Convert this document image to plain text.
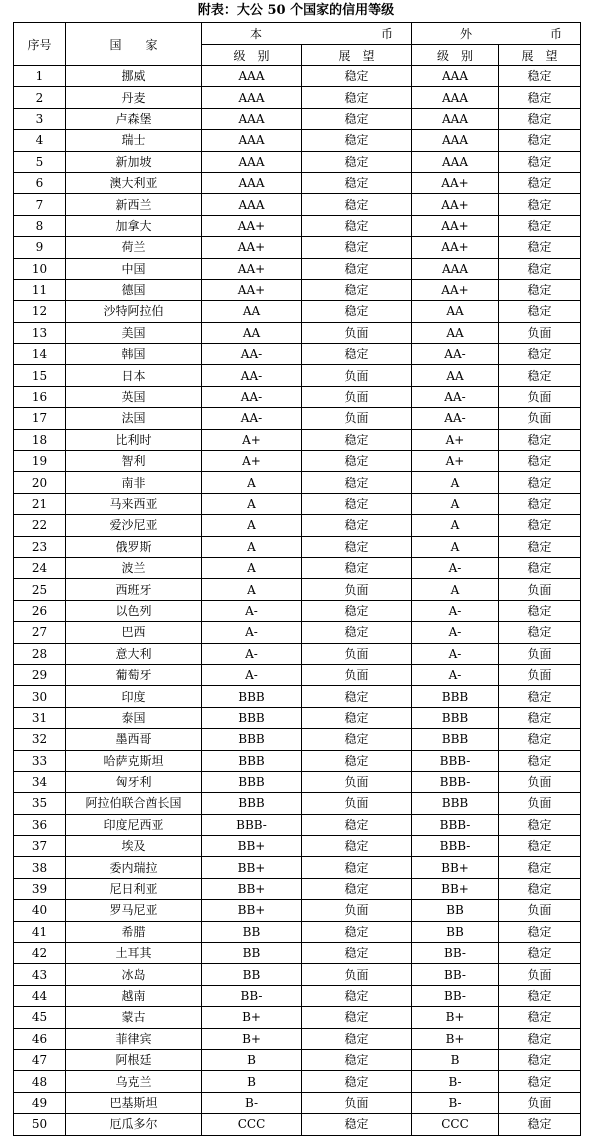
附表：大公 50 个国家的信用等级
序号	国　　家	本 币		外 币	

		级　别	展　望	级　别	展　望
1	挪威	AAA	稳定	AAA	稳定
2	丹麦	AAA	稳定	AAA	稳定
3	卢森堡	AAA	稳定	AAA	稳定
4	瑞士	AAA	稳定	AAA	稳定
5	新加坡	AAA	稳定	AAA	稳定
6	澳大利亚	AAA	稳定	AA+	稳定
7	新西兰	AAA	稳定	AA+	稳定
8	加拿大	AA+	稳定	AA+	稳定
9	荷兰	AA+	稳定	AA+	稳定
10	中国	AA+	稳定	AAA	稳定
11	德国	AA+	稳定	AA+	稳定
12	沙特阿拉伯	AA	稳定	AA	稳定
13	美国	AA	负面	AA	负面
14	韩国	AA-	稳定	AA-	稳定
15	日本	AA-	负面	AA	稳定
16	英国	AA-	负面	AA-	负面
17	法国	AA-	负面	AA-	负面
18	比利时	A+	稳定	A+	稳定
19	智利	A+	稳定	A+	稳定
20	南非	A	稳定	A	稳定
21	马来西亚	A	稳定	A	稳定
22	爱沙尼亚	A	稳定	A	稳定
23	俄罗斯	A	稳定	A	稳定
24	波兰	A	稳定	A-	稳定
25	西班牙	A	负面	A	负面
26	以色列	A-	稳定	A-	稳定
27	巴西	A-	稳定	A-	稳定
28	意大利	A-	负面	A-	负面
29	葡萄牙	A-	负面	A-	负面
30	印度	BBB	稳定	BBB	稳定
31	泰国	BBB	稳定	BBB	稳定
32	墨西哥	BBB	稳定	BBB	稳定
33	哈萨克斯坦	BBB	稳定	BBB-	稳定
34	匈牙利	BBB	负面	BBB-	负面
35	阿拉伯联合酋长国	BBB	负面	BBB	负面
36	印度尼西亚	BBB-	稳定	BBB-	稳定
37	埃及	BB+	稳定	BBB-	稳定
38	委内瑞拉	BB+	稳定	BB+	稳定
39	尼日利亚	BB+	稳定	BB+	稳定
40	罗马尼亚	BB+	负面	BB	负面
41	希腊	BB	稳定	BB	稳定
42	土耳其	BB	稳定	BB-	稳定
43	冰岛	BB	负面	BB-	负面
44	越南	BB-	稳定	BB-	稳定
45	蒙古	B+	稳定	B+	稳定
46	菲律宾	B+	稳定	B+	稳定
47	阿根廷	B	稳定	B	稳定
48	乌克兰	B	稳定	B-	稳定
49	巴基斯坦	B-	负面	B-	负面
50	厄瓜多尔	CCC	稳定	CCC	稳定
